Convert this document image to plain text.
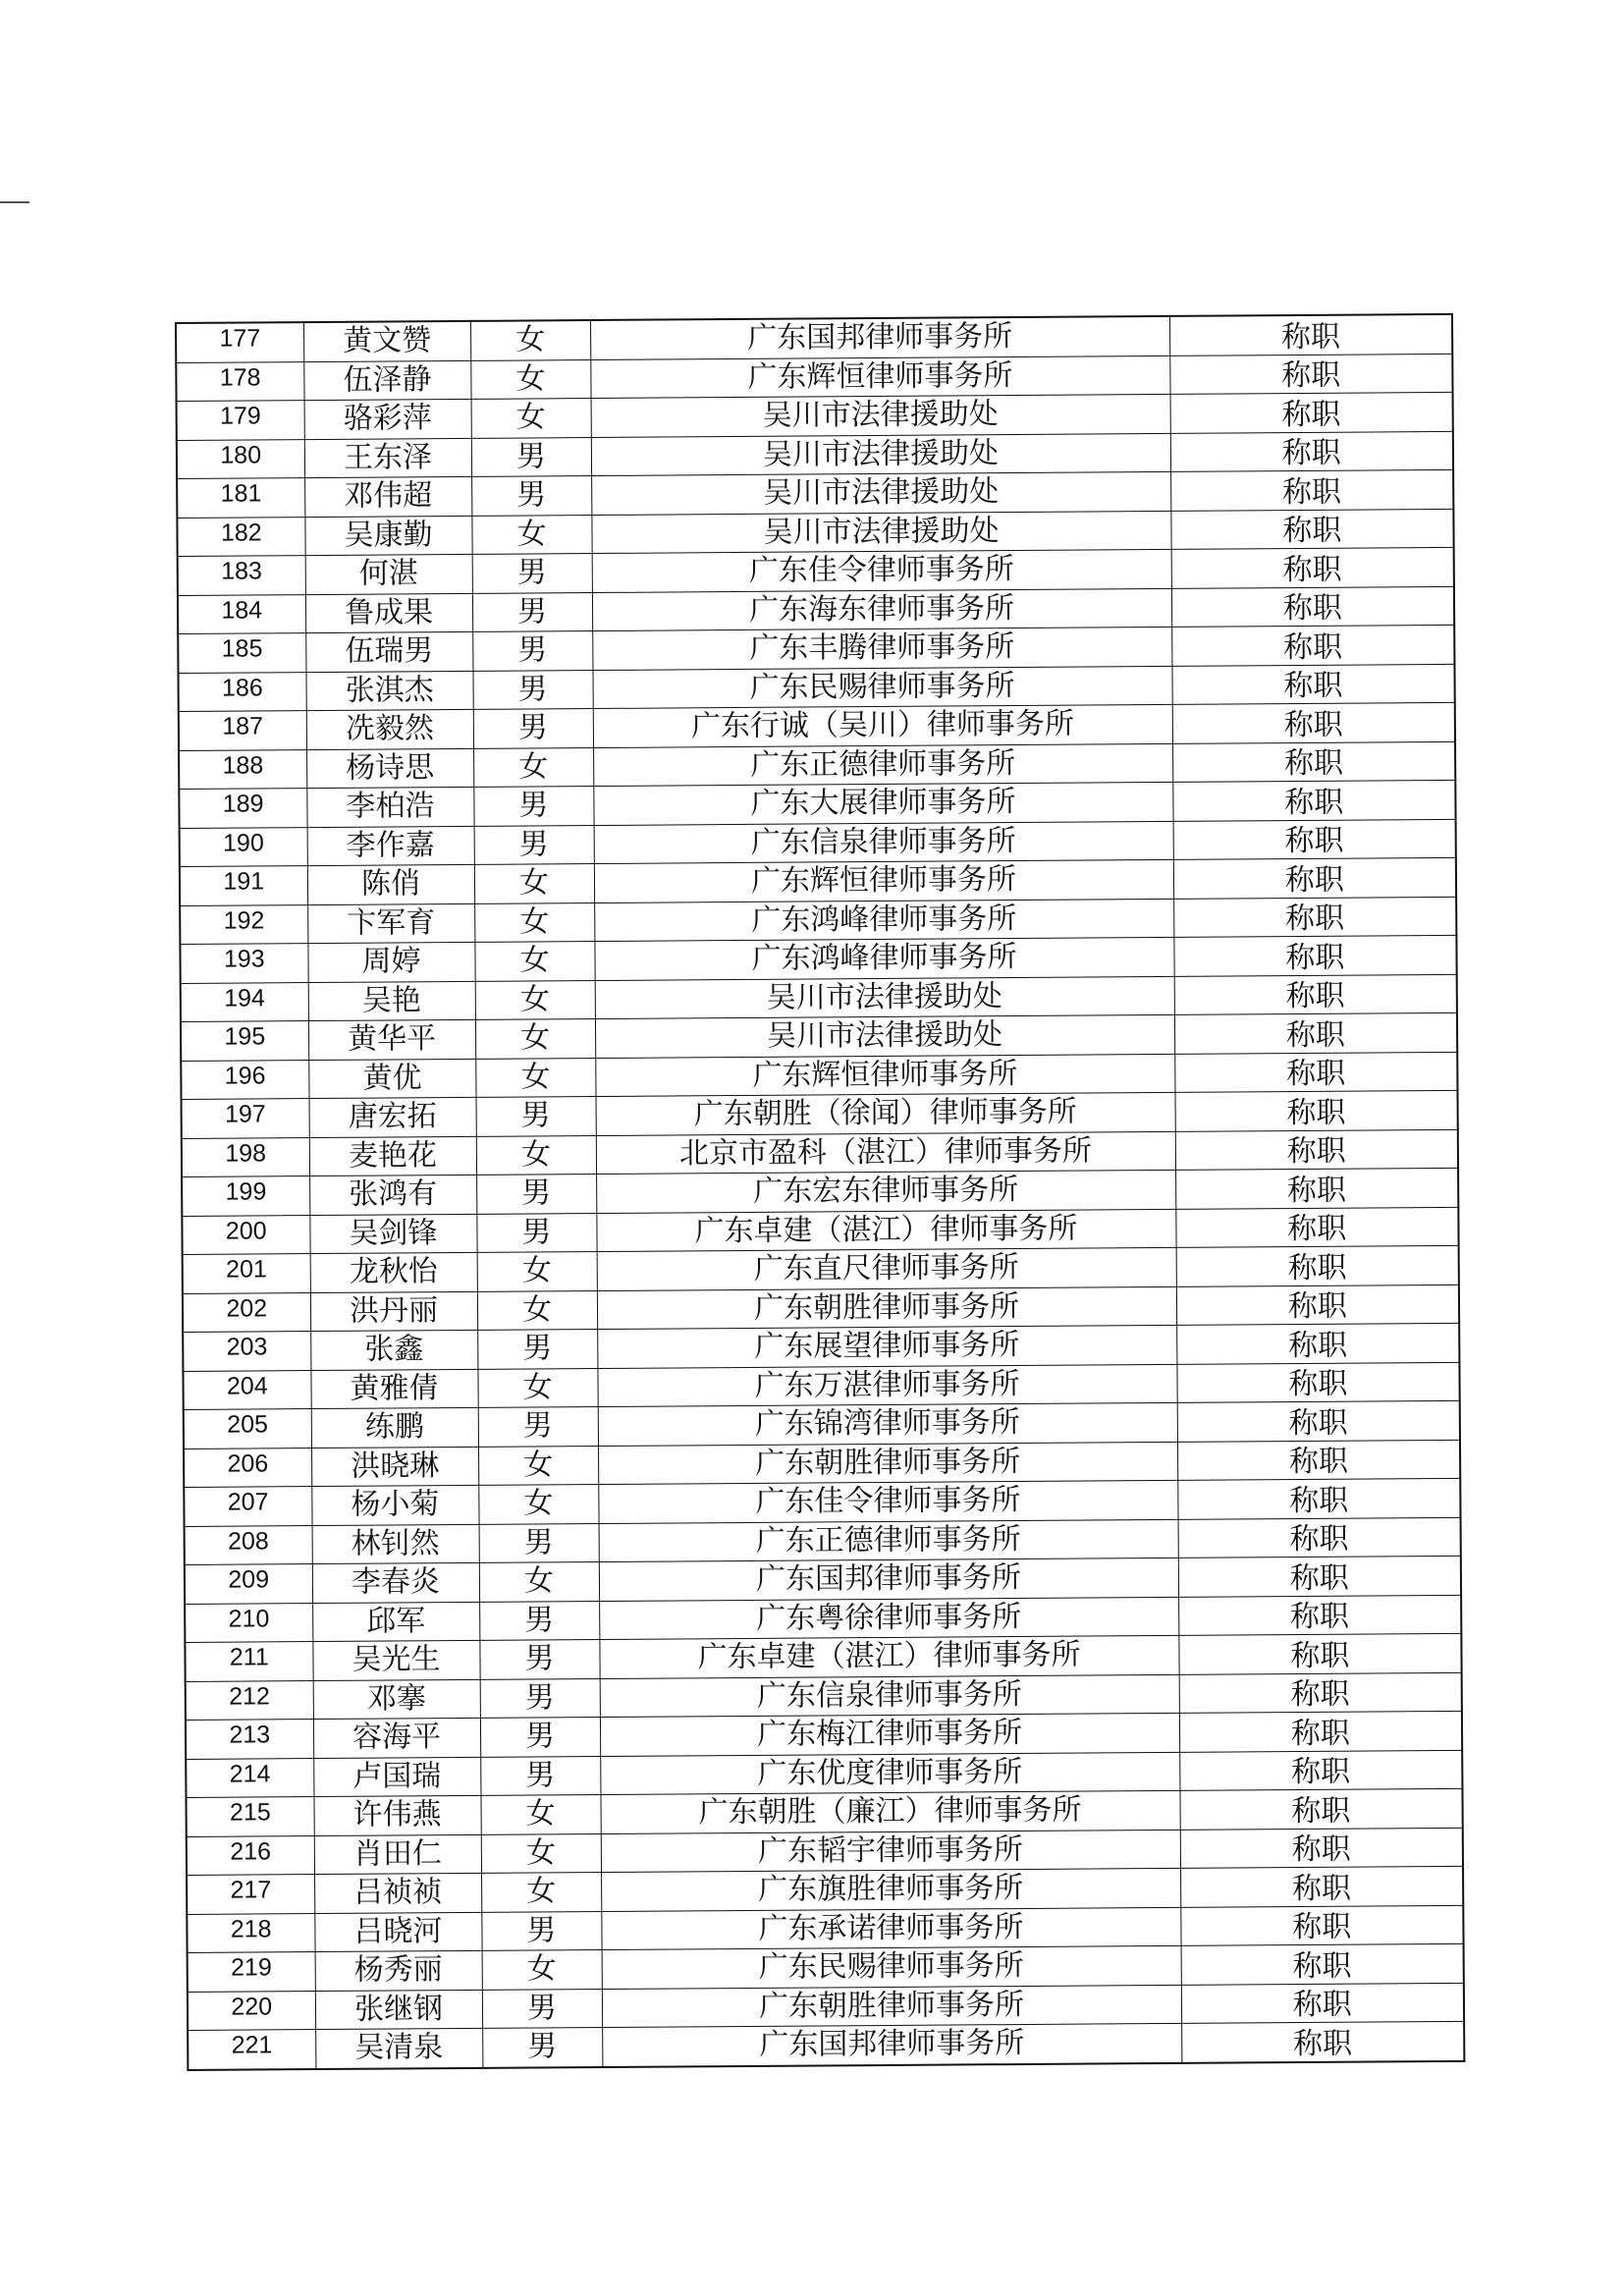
177	黄文赞	女	广东国邦律师事务所	称职
178	伍泽静	女	广东辉恒律师事务所	称职
179	骆彩萍	女	吴川市法律援助处	称职
180	王东泽	男	吴川市法律援助处	称职
181	邓伟超	男	吴川市法律援助处	称职
182	吴康勤	女	吴川市法律援助处	称职
183	何湛	男	广东佳令律师事务所	称职
184	鲁成果	男	广东海东律师事务所	称职
185	伍瑞男	男	广东丰腾律师事务所	称职
186	张淇杰	男	广东民赐律师事务所	称职
187	冼毅然	男	广东行诚（吴川）律师事务所	称职
188	杨诗思	女	广东正德律师事务所	称职
189	李柏浩	男	广东大展律师事务所	称职
190	李作嘉	男	广东信泉律师事务所	称职
191	陈俏	女	广东辉恒律师事务所	称职
192	卞军育	女	广东鸿峰律师事务所	称职
193	周婷	女	广东鸿峰律师事务所	称职
194	吴艳	女	吴川市法律援助处	称职
195	黄华平	女	吴川市法律援助处	称职
196	黄优	女	广东辉恒律师事务所	称职
197	唐宏拓	男	广东朝胜（徐闻）律师事务所	称职
198	麦艳花	女	北京市盈科（湛江）律师事务所	称职
199	张鸿有	男	广东宏东律师事务所	称职
200	吴剑锋	男	广东卓建（湛江）律师事务所	称职
201	龙秋怡	女	广东直尺律师事务所	称职
202	洪丹丽	女	广东朝胜律师事务所	称职
203	张鑫	男	广东展望律师事务所	称职
204	黄雅倩	女	广东万湛律师事务所	称职
205	练鹏	男	广东锦湾律师事务所	称职
206	洪晓琳	女	广东朝胜律师事务所	称职
207	杨小菊	女	广东佳令律师事务所	称职
208	林钊然	男	广东正德律师事务所	称职
209	李春炎	女	广东国邦律师事务所	称职
210	邱军	男	广东粤徐律师事务所	称职
211	吴光生	男	广东卓建（湛江）律师事务所	称职
212	邓搴	男	广东信泉律师事务所	称职
213	容海平	男	广东梅江律师事务所	称职
214	卢国瑞	男	广东优度律师事务所	称职
215	许伟燕	女	广东朝胜（廉江）律师事务所	称职
216	肖田仁	女	广东韬宇律师事务所	称职
217	吕祯祯	女	广东旗胜律师事务所	称职
218	吕晓河	男	广东承诺律师事务所	称职
219	杨秀丽	女	广东民赐律师事务所	称职
220	张继钢	男	广东朝胜律师事务所	称职
221	吴清泉	男	广东国邦律师事务所	称职
